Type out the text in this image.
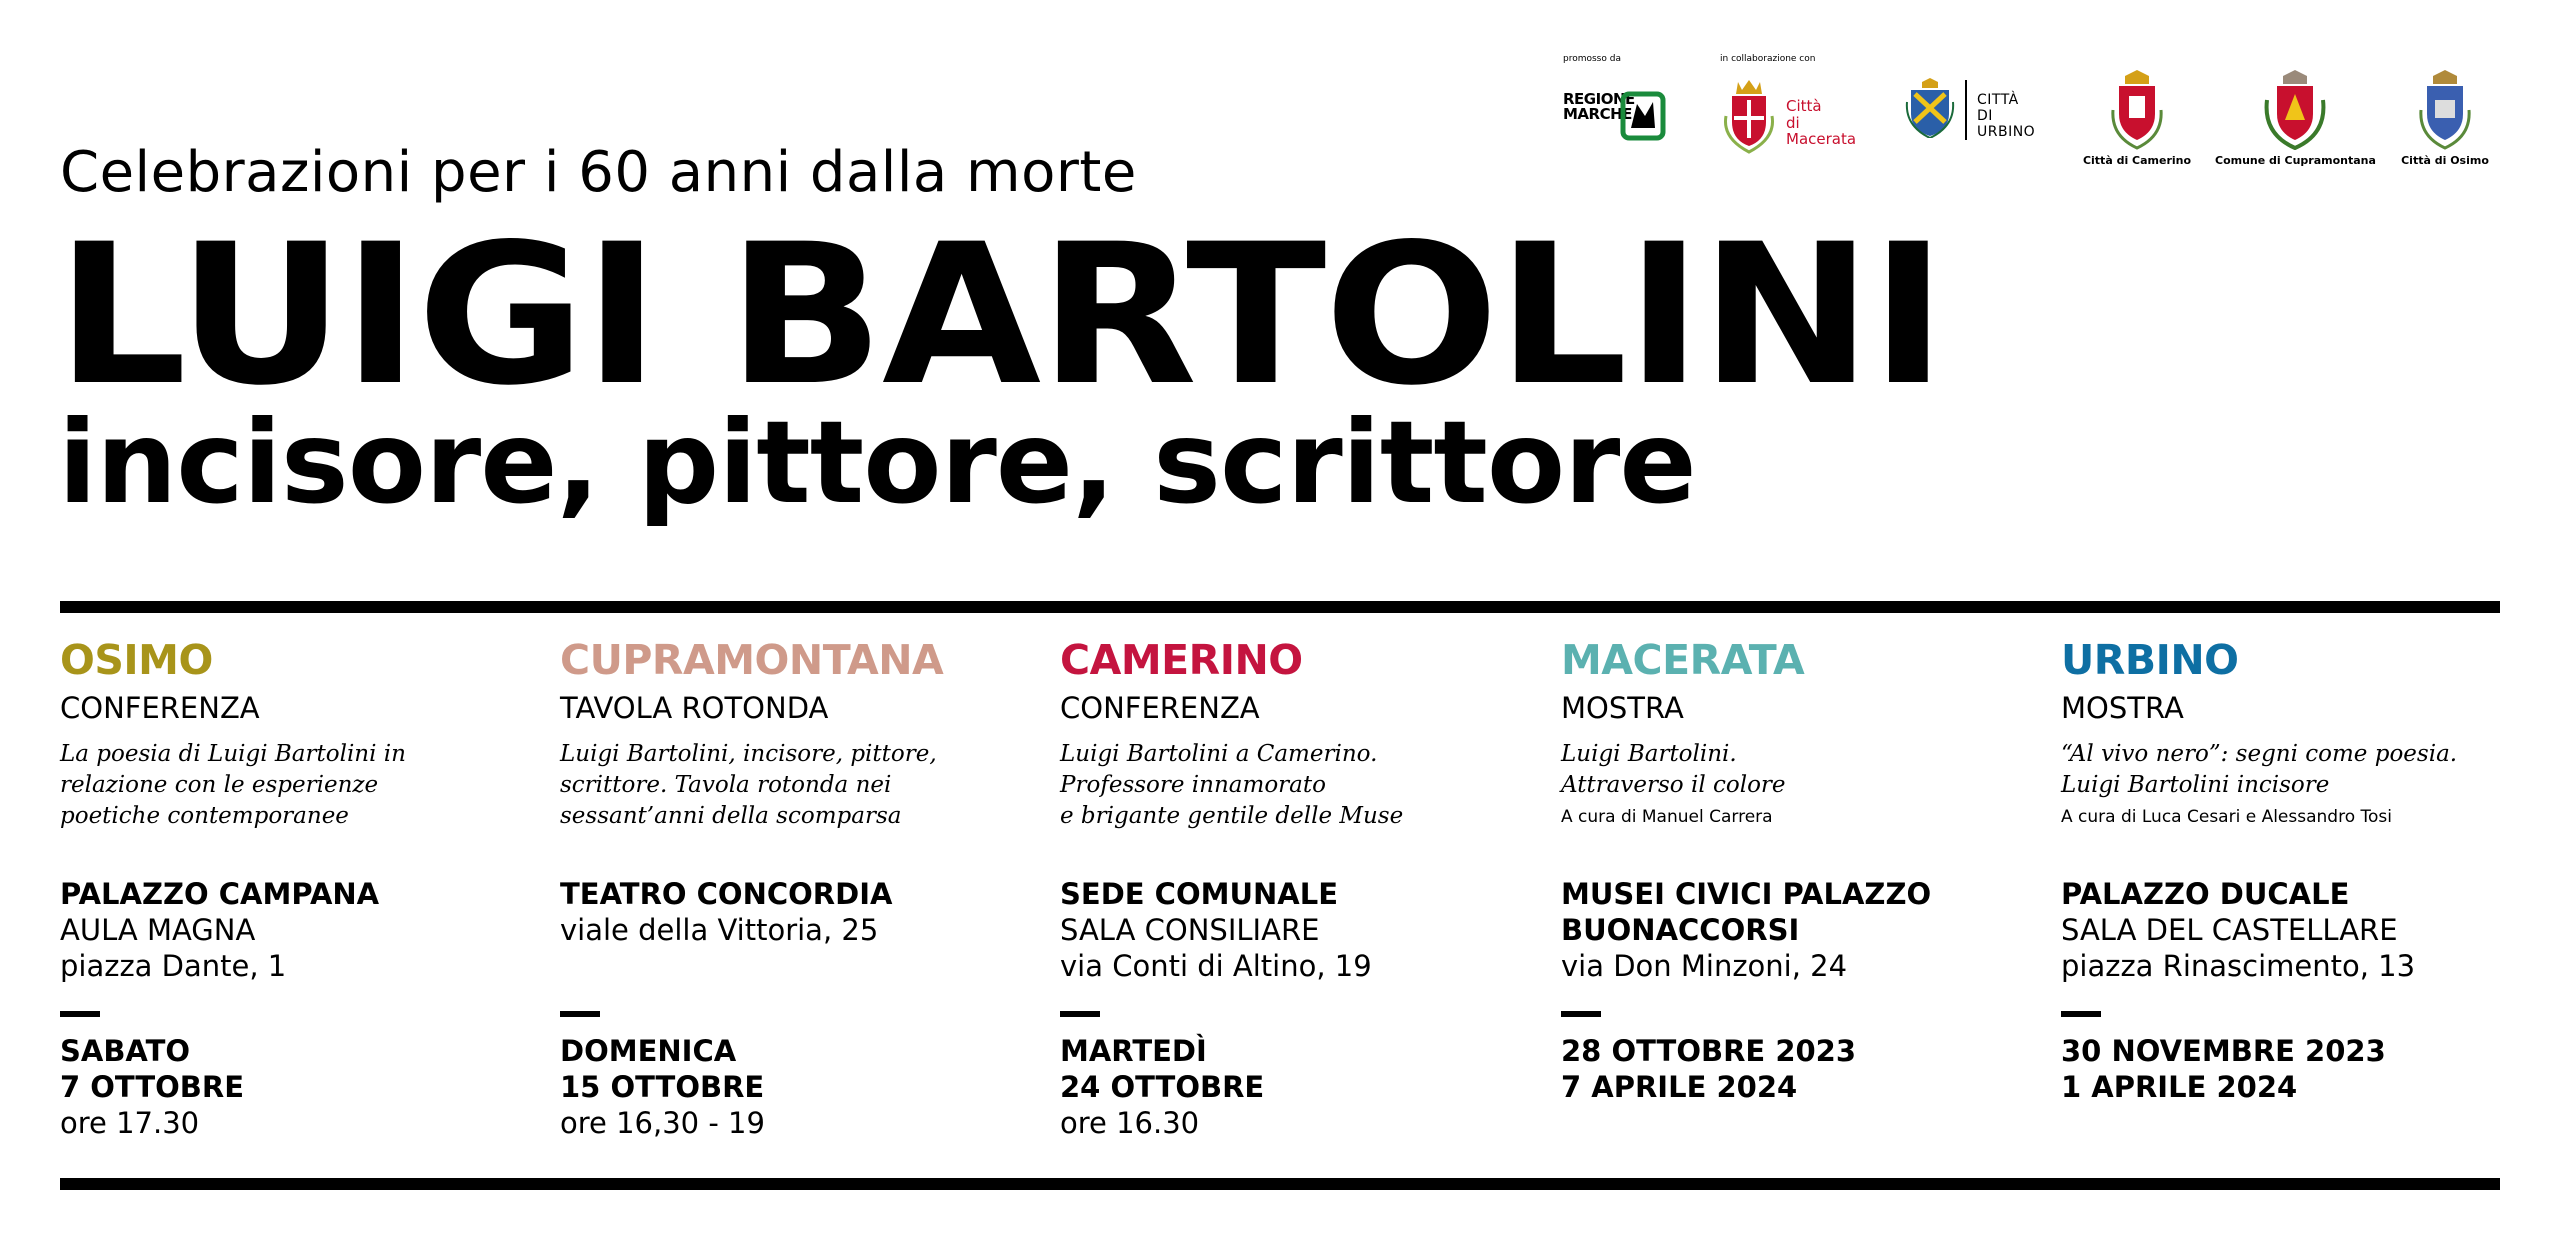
promosso da	in collaborazione con
REGIONE
MARCHE	Città
di Macerata
CITTÀ
DI URBINO
Città di Camerino Comune di Cupramontana	Città di Osimo
Celebrazioni per i 60 anni dalla morte
LUIGI BARTOLINI
incisore, pittore, scrittore
OSIMO
CONFERENZA
La poesia di Luigi Bartolini in
relazione con le esperienze
poetiche contemporanee
PALAZZO CAMPANA
AULA MAGNA
piazza Dante, 1
SABATO
7 OTTOBRE
ore 17.30
CUPRAMONTANA
TAVOLA ROTONDA
Luigi Bartolini, incisore, pittore,
scrittore. Tavola rotonda nei
sessant’anni della scomparsa
TEATRO CONCORDIA
viale della Vittoria, 25
DOMENICA
15 OTTOBRE
ore 16,30 - 19
CAMERINO
CONFERENZA
Luigi Bartolini a Camerino.
Professore innamorato
e brigante gentile delle Muse
SEDE COMUNALE
SALA CONSILIARE
via Conti di Altino, 19
MARTEDÌ
24 OTTOBRE
ore 16.30
MACERATA
MOSTRA
Luigi Bartolini.
Attraverso il colore
A cura di Manuel Carrera
MUSEI CIVICI PALAZZO
BUONACCORSI
via Don Minzoni, 24
28 OTTOBRE 2023
7 APRILE 2024
URBINO
MOSTRA
“Al vivo nero”: segni come poesia.
Luigi Bartolini incisore
A cura di Luca Cesari e Alessandro Tosi
PALAZZO DUCALE
SALA DEL CASTELLARE
piazza Rinascimento, 13
30 NOVEMBRE 2023
1 APRILE 2024
